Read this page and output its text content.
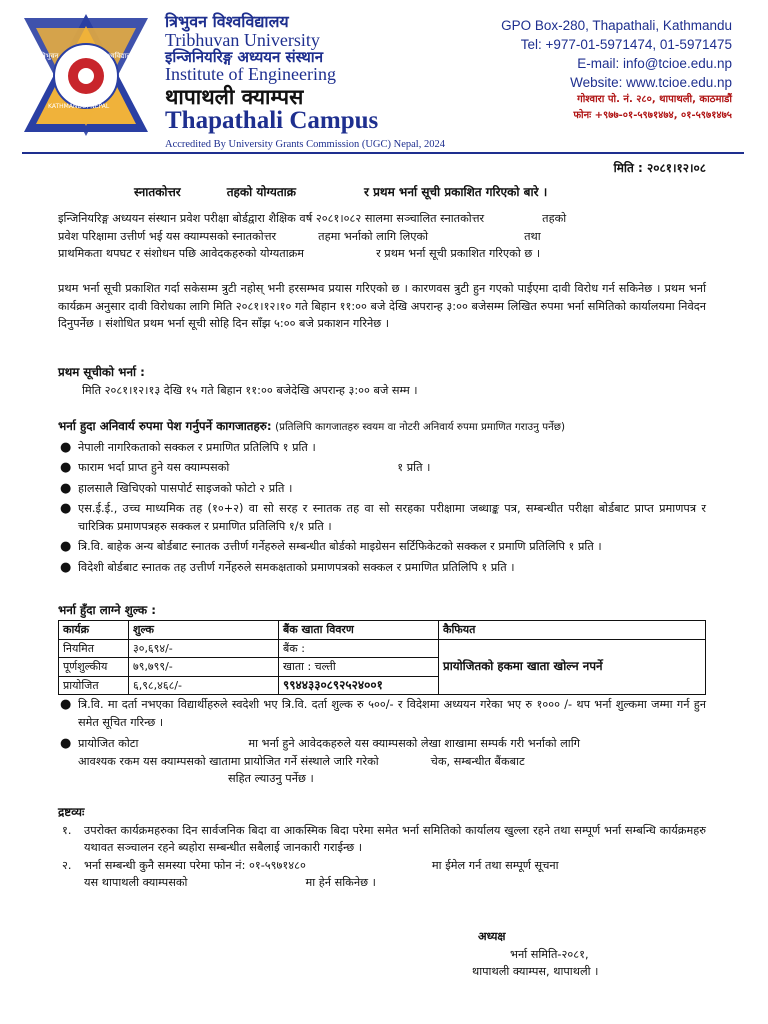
त्रिभुवन	विश्वविद्यालय
KATHMANDU, NEPAL
त्रिभुवन विश्वविद्यालय
Tribhuvan University
इन्जिनियरिङ्ग अध्ययन संस्थान
Institute of Engineering
थापाथली क्याम्पस
Thapathali Campus
Accredited By University Grants Commission (UGC) Nepal, 2024
GPO Box-280, Thapathali, Kathmandu
Tel: +977-01-5971474, 01-5971475
E-mail: info@tcioe.edu.np
Website: www.tcioe.edu.np
गोश्वारा पो. नं. २८०, थापाथली, काठमाडौं
फोनः +९७७-०१-५९७१४७४, ०१-५९७१४७५
मिति : २०८१।१२।०८
स्नातकोत्तर	तहको योग्यताक्र	र प्रथम भर्ना सूची प्रकाशित गरिएको बारे ।
इन्जिनियरिङ्ग अध्ययन संस्थान प्रवेश परीक्षा बोर्डद्वारा शैक्षिक वर्ष २०८१।०८२ सालमा सञ्चालित स्नातकोत्तर	तहको
प्रवेश परिक्षामा उत्तीर्ण भई यस क्याम्पसको स्नातकोत्तर	तहमा भर्नाको लागि लिएको	तथा
प्राथमिकता थपघट र संशोधन पछि आवेदकहरुको योग्यताक्रम	र प्रथम भर्ना सूची प्रकाशित गरिएको छ ।
प्रथम भर्ना सूची प्रकाशित गर्दा सकेसम्म त्रुटी नहोस् भनी हरसम्भव प्रयास गरिएको छ । कारणवस त्रुटी हुन गएको पाईएमा दावी विरोध गर्न सकिनेछ । प्रथम भर्ना कार्यक्रम अनुसार दावी विरोधका लागि मिति २०८१।१२।१० गते बिहान ११:०० बजे देखि अपरान्ह ३:०० बजेसम्म लिखित रुपमा भर्ना समितिको कार्यालयमा निवेदन दिनुपर्नेछ । संशोधित प्रथम भर्ना सूची सोहि दिन साँझ ५:०० बजे प्रकाशन गरिनेछ ।
प्रथम सूचीको भर्ना :
मिति २०८१।१२।१३ देखि १५ गते बिहान ११:०० बजेदेखि अपरान्ह ३:०० बजे सम्म ।
भर्ना हुदा अनिवार्य रुपमा पेश गर्नुपर्ने कागजातहरु: (प्रतिलिपि कागजातहरु स्वयम वा नोटरी अनिवार्य रुपमा प्रमाणित गराउनु पर्नेछ)
● नेपाली नागरिकताको सक्कल र प्रमाणित प्रतिलिपि १ प्रति ।
● फाराम भर्दा प्राप्त हुने यस क्याम्पसको	१ प्रति ।
● हालसालै खिचिएको पासपोर्ट साइजको फोटो २ प्रति ।
● एस.ई.ई., उच्च माध्यमिक तह (१०+२) वा सो सरह र स्नातक तह वा सो सरहका परीक्षामा जब्धाङ्क पत्र, सम्बन्धीत परीक्षा बोर्डबाट प्राप्त प्रमाणपत्र र चारित्रिक प्रमाणपत्रहरु सक्कल र प्रमाणित प्रतिलिपि १/१ प्रति ।
● त्रि.वि. बाहेक अन्य बोर्डबाट स्नातक उत्तीर्ण गर्नेहरुले सम्बन्धीत बोर्डको माइग्रेसन सर्टिफिकेटको सक्कल र प्रमाणि प्रतिलिपि १ प्रति ।
● विदेशी बोर्डबाट स्नातक तह उत्तीर्ण गर्नेहरुले समकक्षताको प्रमाणपत्रको सक्कल र प्रमाणित प्रतिलिपि १ प्रति ।
भर्ना हुँदा लाग्ने शुल्क :
कार्यक्र	शुल्क	बैंक खाता विवरण	कैफियत
नियमित	३०,६९४/-	बैंक :	प्रायोजितको हकमा खाता खोल्न नपर्ने
पूर्णशुल्कीय	७९,७९९/-	खाता : चल्ती	
प्रायोजित	६,९८,४६८/-	९९४४३३०८९२५२४००१	
● त्रि.वि. मा दर्ता नभएका विद्यार्थीहरुले स्वदेशी भए त्रि.वि. दर्ता शुल्क रु ५००/- र विदेशमा अध्ययन गरेका भए रु १००० /- थप भर्ना शुल्कमा जम्मा गर्न हुन समेत सूचित गरिन्छ ।
● प्रायोजित कोटा	मा भर्ना हुने आवेदकहरुले यस क्याम्पसको लेखा शाखामा सम्पर्क गरी भर्नाको लागि
आवश्यक रकम यस क्याम्पसको खातामा प्रायोजित गर्ने संस्थाले जारि गरेको	चेक, सम्बन्धीत बैंकबाट
सहित ल्याउनु पर्नेछ ।
द्रष्टव्यः
१. उपरोक्त कार्यक्रमहरुका दिन सार्वजनिक बिदा वा आकस्मिक बिदा परेमा समेत भर्ना समितिको कार्यालय खुल्ला रहने तथा सम्पूर्ण भर्ना सम्बन्धि कार्यक्रमहरु यथावत सञ्चालन रहने ब्यहोरा सम्बन्धीत सबैलाई जानकारी गराईन्छ ।
२. भर्ना सम्बन्धी कुनै समस्या परेमा फोन नं: ०१-५९७१४८०	मा ईमेल गर्न तथा सम्पूर्ण सूचना
यस थापाथली क्याम्पसको	मा हेर्न सकिनेछ ।
अध्यक्ष
भर्ना समिति-२०८१,
थापाथली क्याम्पस, थापाथली ।
